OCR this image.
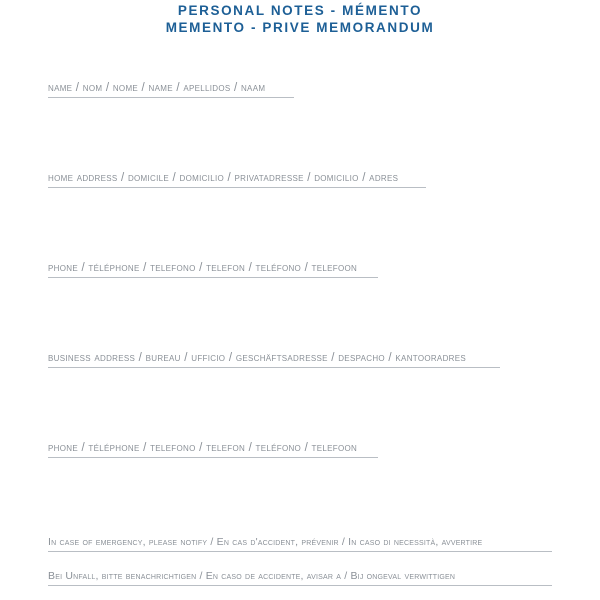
PERSONAL NOTES - MÉMENTO
MEMENTO - PRIVE MEMORANDUM
name / nom / nome / name / apellidos / naam
home address / domicile / domicilio / privatadresse / domicilio / adres
phone / téléphone / telefono / telefon / teléfono / telefoon
business address / bureau / ufficio / geschäftsadresse / despacho / kantooradres
phone / téléphone / telefono / telefon / teléfono / telefoon
In case of emergency, please notify / En cas d'accident, prévenir / In caso di necessità, avvertire
Bei Unfall, bitte benachrichtigen / En caso de accidente, avisar a / Bij ongeval verwittigen
